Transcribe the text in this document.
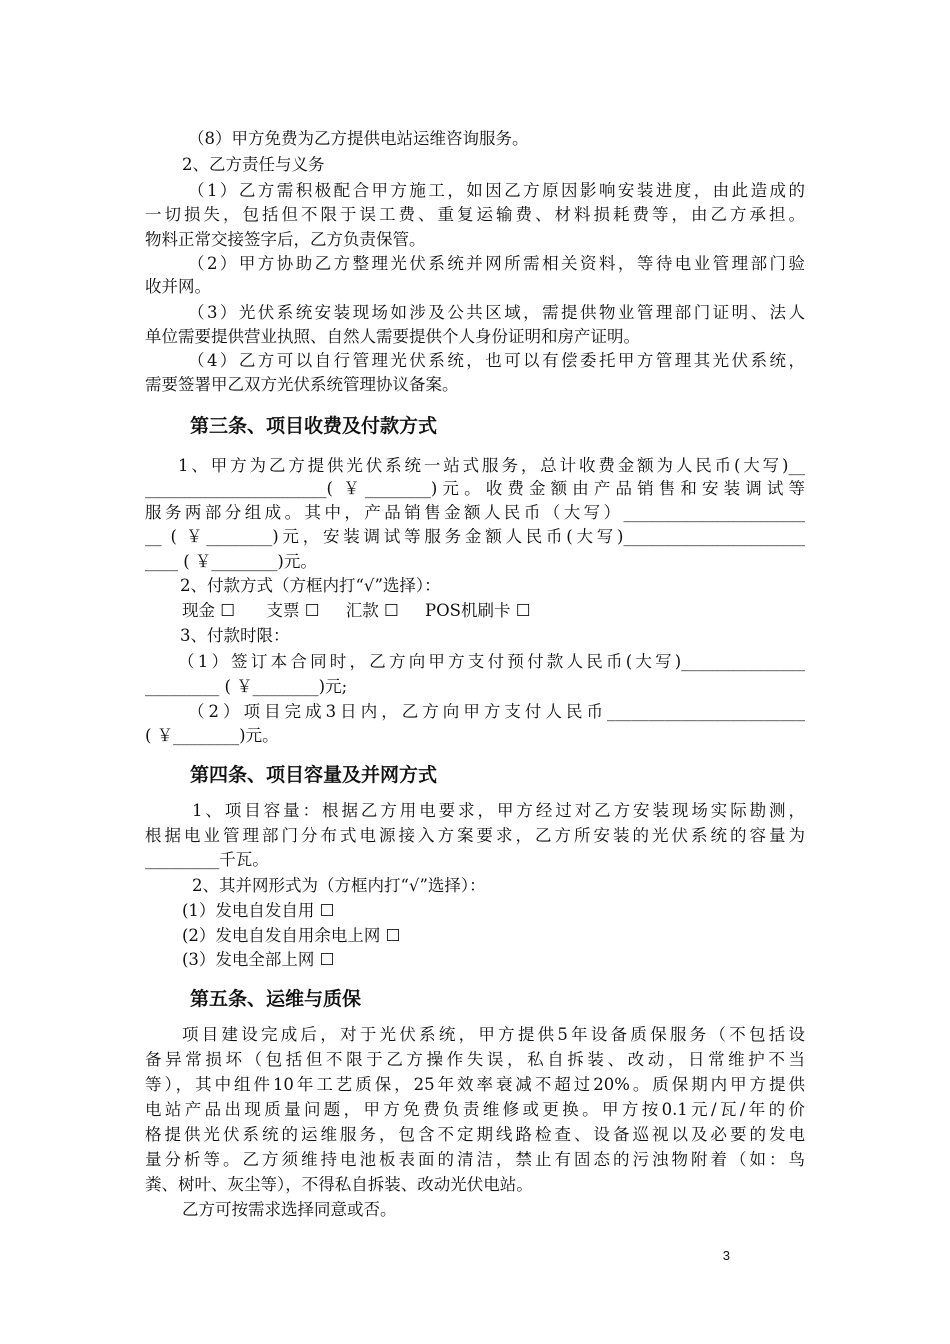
（8）甲方免费为乙方提供电站运维咨询服务。
2、乙方责任与义务
（1）乙方需积极配合甲方施工，如因乙方原因影响安装进度，由此造成的
一切损失，包括但不限于误工费、重复运输费、材料损耗费等，由乙方承担。
物料正常交接签字后，乙方负责保管。
（2）甲方协助乙方整理光伏系统并网所需相关资料，等待电业管理部门验
收并网。
（3）光伏系统安装现场如涉及公共区域，需提供物业管理部门证明、法人
单位需要提供营业执照、自然人需要提供个人身份证明和房产证明。
（4）乙方可以自行管理光伏系统，也可以有偿委托甲方管理其光伏系统，
需要签署甲乙双方光伏系统管理协议备案。
第三条、项目收费及付款方式
1、甲方为乙方提供光伏系统一站式服务，总计收费金额为人民币(大写)__
______________________( ￥________)元。收费金额由产品销售和安装调试等
服务两部分组成。其中，产品销售金额人民币（大写）______________________
__ ( ￥________)元，安装调试等服务金额人民币(大写)______________________
____ ( ￥________)元。
2、付款方式（方框内打“√”选择）：
现金 ☐      支票 ☐     汇款 ☐     POS机刷卡 ☐
3、付款时限：
（1）签订本合同时，乙方向甲方支付预付款人民币(大写)_______________
_________ ( ￥________)元;
（2）项目完成3日内，乙方向甲方支付人民币________________________
( ￥________)元。
第四条、项目容量及并网方式
1、项目容量：根据乙方用电要求，甲方经过对乙方安装现场实际勘测，
根据电业管理部门分布式电源接入方案要求，乙方所安装的光伏系统的容量为
_________千瓦。
2、其并网形式为（方框内打“√”选择）：
(1）发电自发自用 ☐
(2）发电自发自用余电上网 ☐
(3）发电全部上网 ☐
第五条、运维与质保
项目建设完成后，对于光伏系统，甲方提供5年设备质保服务（不包括设
备异常损坏（包括但不限于乙方操作失误，私自拆装、改动，日常维护不当
等），其中组件10年工艺质保，25年效率衰减不超过20%。质保期内甲方提供
电站产品出现质量问题，甲方免费负责维修或更换。甲方按0.1元/瓦/年的价
格提供光伏系统的运维服务，包含不定期线路检查、设备巡视以及必要的发电
量分析等。乙方须维持电池板表面的清洁，禁止有固态的污浊物附着（如：鸟
粪、树叶、灰尘等），不得私自拆装、改动光伏电站。
乙方可按需求选择同意或否。
3
